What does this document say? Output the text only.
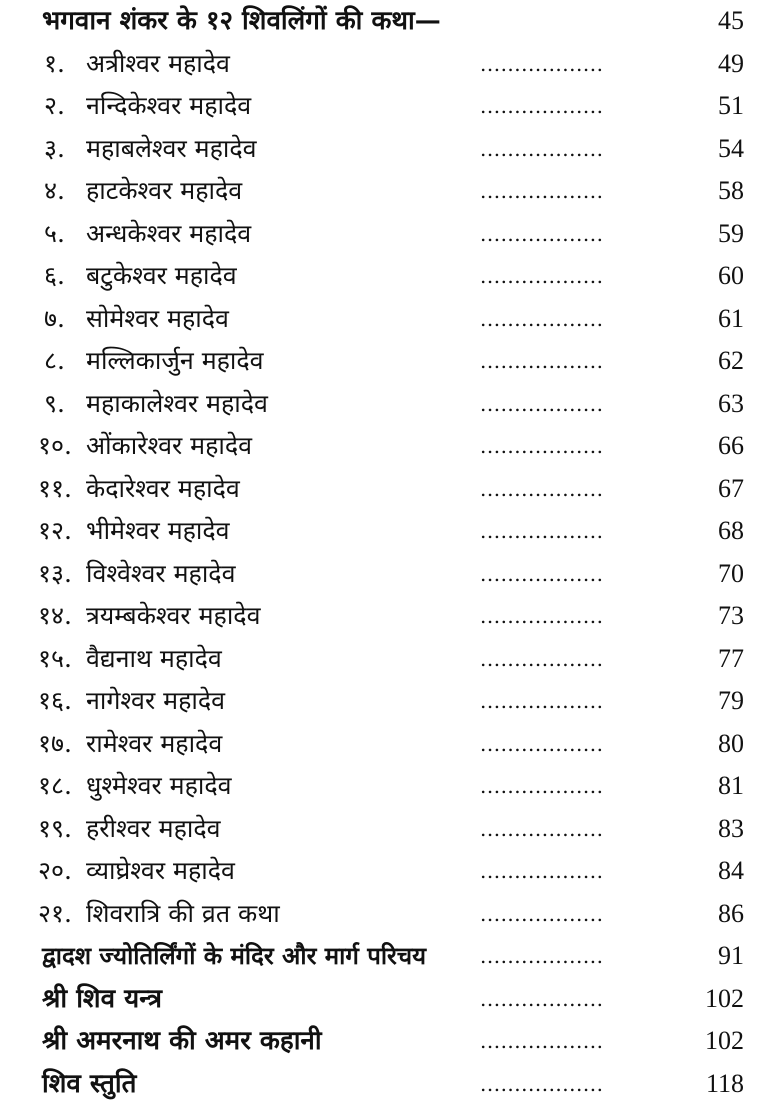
भगवान शंकर के १२ शिवलिंगों की कथा—	45
१. अत्रीश्वर महादेव	..................	49
२. नन्दिकेश्वर महादेव	..................	51
३. महाबलेश्वर महादेव	..................	54
४. हाटकेश्वर महादेव	..................	58
५. अन्धकेश्वर महादेव	..................	59
६. बटुकेश्वर महादेव	..................	60
७. सोमेश्वर महादेव	..................	61
८. मल्लिकार्जुन महादेव	..................	62
९. महाकालेश्वर महादेव	..................	63
१०. ओंकारेश्वर महादेव	..................	66
११. केदारेश्वर महादेव	..................	67
१२. भीमेश्वर महादेव	..................	68
१३. विश्वेश्वर महादेव	..................	70
१४. त्रयम्बकेश्वर महादेव	..................	73
१५. वैद्यनाथ महादेव	..................	77
१६. नागेश्वर महादेव	..................	79
१७. रामेश्वर महादेव	..................	80
१८. धुश्मेश्वर महादेव	..................	81
१९. हरीश्वर महादेव	..................	83
२०. व्याघ्रेश्वर महादेव	..................	84
२१. शिवरात्रि की व्रत कथा	..................	86
द्वादश ज्योतिर्लिंगों के मंदिर और मार्ग परिचय	..................	91
श्री शिव यन्त्र	..................	102
श्री अमरनाथ की अमर कहानी	..................	102
शिव स्तुति	..................	118
